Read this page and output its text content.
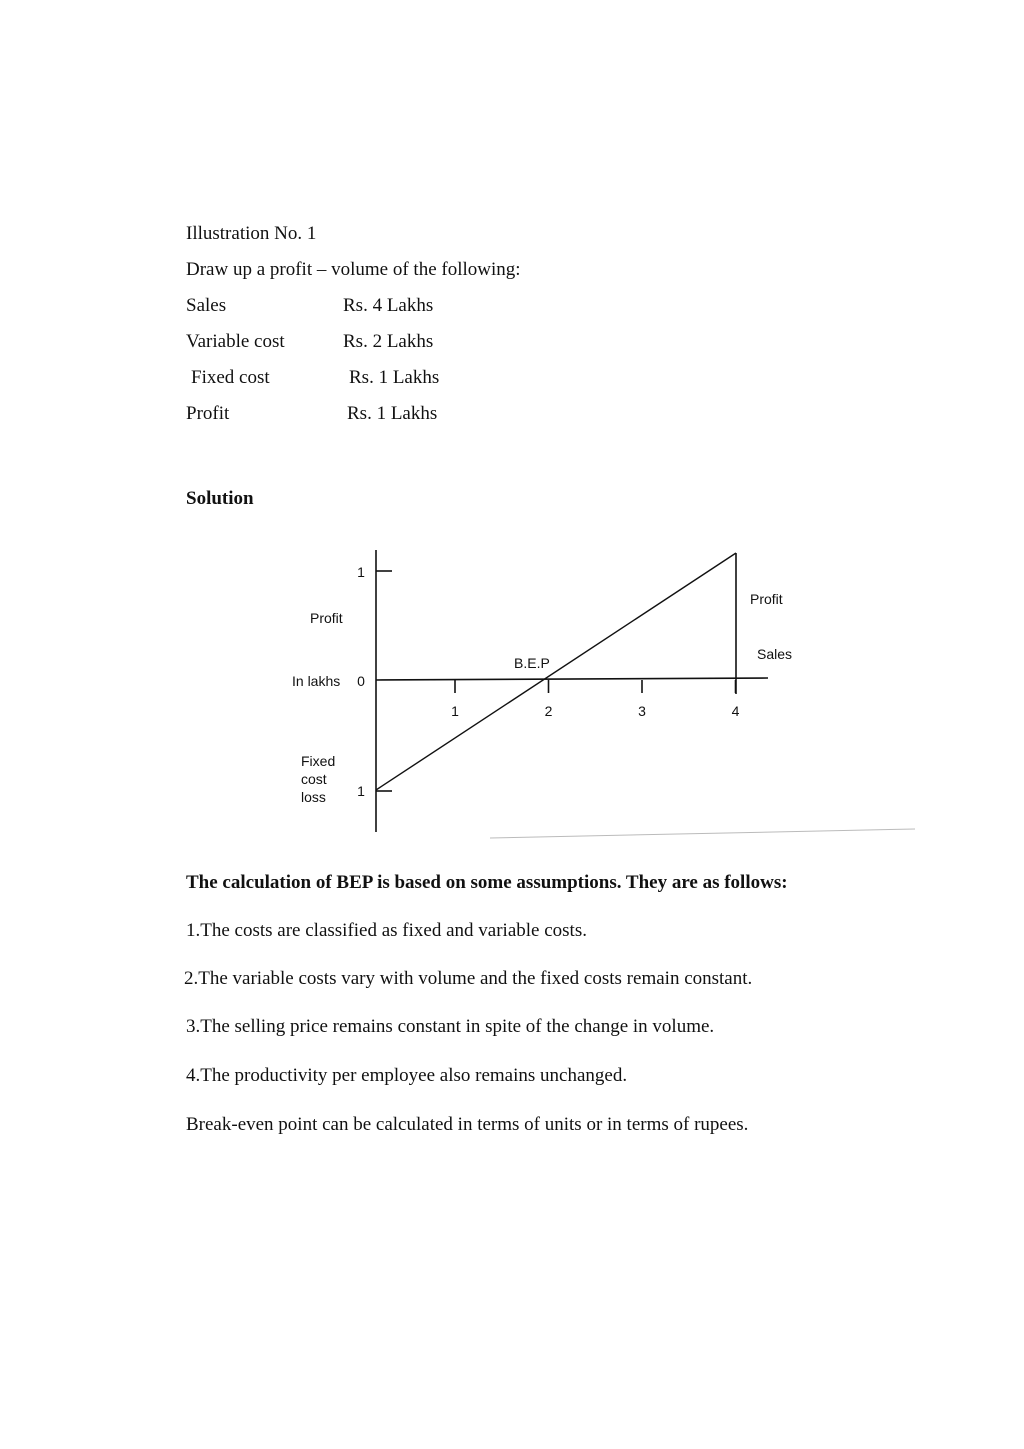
Illustration No. 1
Draw up a profit – volume of the following:
Sales	Rs. 4 Lakhs
Variable cost	Rs. 2 Lakhs
Fixed cost	Rs. 1 Lakhs
Profit	Rs. 1 Lakhs
Solution
1	2	3	4
1
0
1
Profit
In lakhs
Fixed
cost
loss
B.E.P
Profit
Sales
The calculation of BEP is based on some assumptions. They are as follows:
1.The costs are classified as fixed and variable costs.
2.The variable costs vary with volume and the fixed costs remain constant.
3.The selling price remains constant in spite of the change in volume.
4.The productivity per employee also remains unchanged.
Break-even point can be calculated in terms of units or in terms of rupees.
